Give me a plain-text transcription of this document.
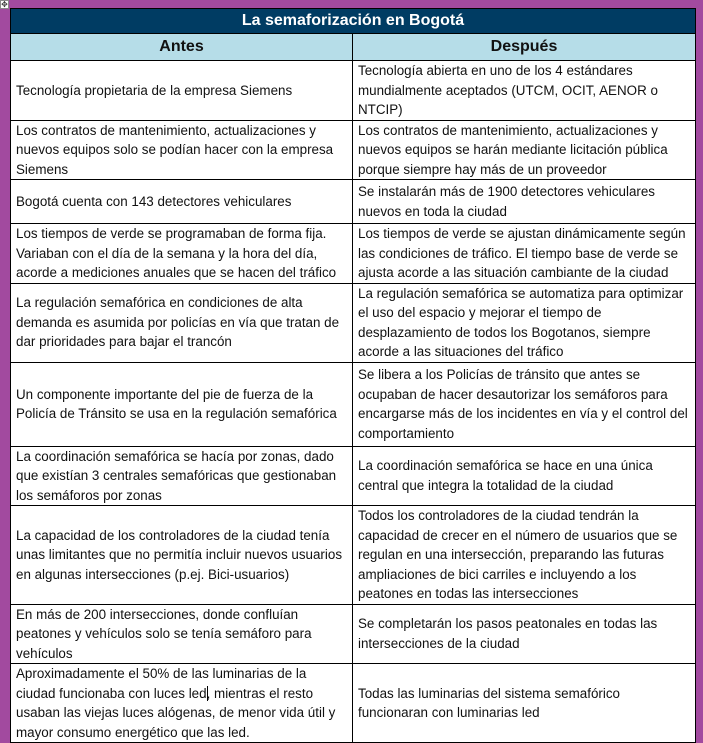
✥
La semaforización en Bogotá	
Antes	Después
Tecnología propietaria de la empresa Siemens	Tecnología abierta en uno de los 4 estándares mundialmente aceptados (UTCM, OCIT, AENOR o NTCIP)
Los contratos de mantenimiento, actualizaciones y nuevos equipos solo se podían hacer con la empresa Siemens	Los contratos de mantenimiento, actualizaciones y nuevos equipos se harán mediante licitación pública porque siempre hay más de un proveedor
Bogotá cuenta con 143 detectores vehiculares	Se instalarán más de 1900 detectores vehiculares nuevos en toda la ciudad
Los tiempos de verde se programaban de forma fija. Variaban con el día de la semana y la hora del día, acorde a mediciones anuales que se hacen del tráfico	Los tiempos de verde se ajustan dinámicamente según las condiciones de tráfico. El tiempo base de verde se ajusta acorde a las situación cambiante de la ciudad
La regulación semafórica en condiciones de alta demanda es asumida por policías en vía que tratan de dar prioridades para bajar el trancón	La regulación semafórica se automatiza para optimizar el uso del espacio y mejorar el tiempo de desplazamiento de todos los Bogotanos, siempre acorde a las situaciones del tráfico
Un componente importante del pie de fuerza de la Policía de Tránsito se usa en la regulación semafórica	Se libera a los Policías de tránsito que antes se ocupaban de hacer desautorizar los semáforos para encargarse más de los incidentes en vía y el control del comportamiento
La coordinación semafórica se hacía por zonas, dado que existían 3 centrales semafóricas que gestionaban los semáforos por zonas	La coordinación semafórica se hace en una única central que integra la totalidad de la ciudad
La capacidad de los controladores de la ciudad tenía unas limitantes que no permitía incluir nuevos usuarios en algunas intersecciones (p.ej. Bici-usuarios)	Todos los controladores de la ciudad tendrán la capacidad de crecer en el número de usuarios que se regulan en una intersección, preparando las futuras ampliaciones de bici carriles e incluyendo a los peatones en todas las intersecciones
En más de 200 intersecciones, donde confluían peatones y vehículos solo se tenía semáforo para vehículos	Se completarán los pasos peatonales en todas las intersecciones de la ciudad
Aproximadamente el 50% de las luminarias de la ciudad funcionaba con luces led, mientras el resto usaban las viejas luces alógenas, de menor vida útil y mayor consumo energético que las led.	Todas las luminarias del sistema semafórico funcionaran con luminarias led
